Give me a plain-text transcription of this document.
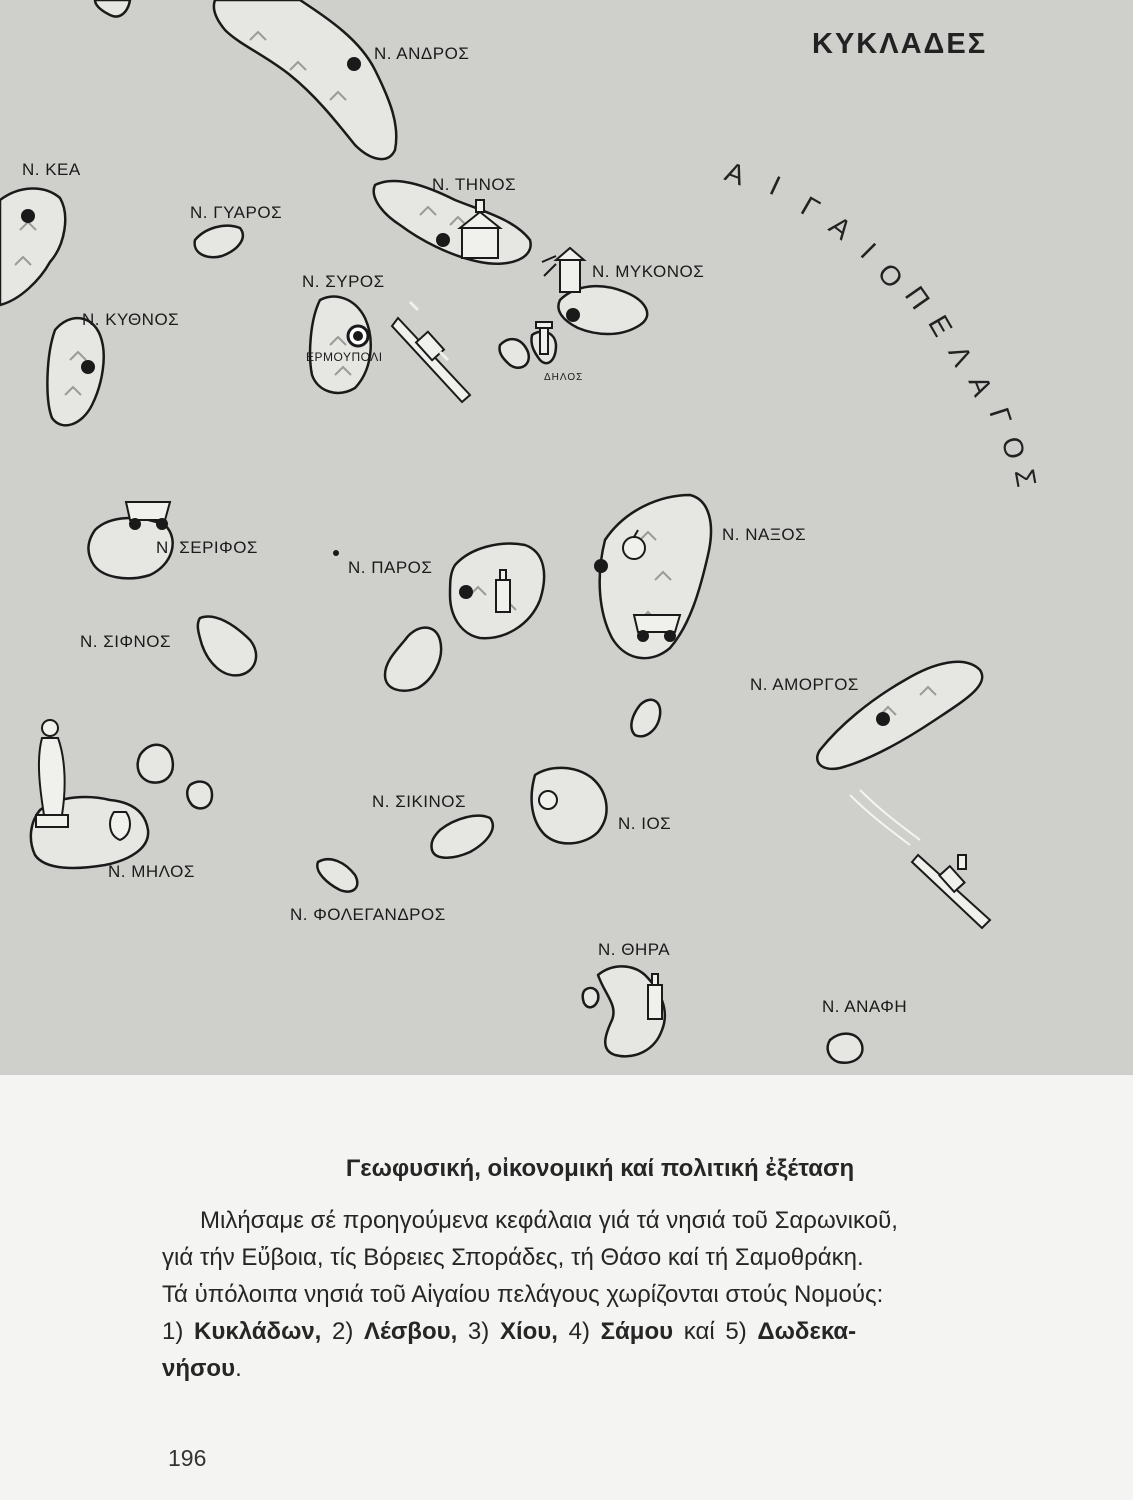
ΚΥΚΛΑΔΕΣ
Α Ι
Γ
Α
Ι
Ο
Π
Ε
Λ
Α
Γ
Ο
Σ
Ν. ΑΝΔΡΟΣ
Ν. ΚΕΑ
Ν. ΤΗΝΟΣ
Ν. ΓΥΑΡΟΣ
Ν. ΣΥΡΟΣ
Ν. ΜΥΚΟΝΟΣ
Ν. ΚΥΘΝΟΣ
ΕΡΜΟΥΠΟΛΙ
ΔΗΛΟΣ
Ν. ΣΕΡΙΦΟΣ
Ν. ΠΑΡΟΣ
Ν. ΝΑΞΟΣ
Ν. ΣΙΦΝΟΣ
Ν. ΑΜΟΡΓΟΣ
Ν. ΣΙΚΙΝΟΣ
Ν. ΙΟΣ
Ν. ΜΗΛΟΣ
Ν. ΦΟΛΕΓΑΝΔΡΟΣ
Ν. ΘΗΡΑ
Ν. ΑΝΑΦΗ
Γεωφυσική, οἰκονομική καί πολιτική ἐξέταση
Μιλήσαμε σέ προηγούμενα κεφάλαια γιά τά νησιά τοῦ Σαρωνικοῦ,
γιά τήν Εὔβοια, τίς Βόρειες Σποράδες, τή Θάσο καί τή Σαμοθράκη.
Τά ὑπόλοιπα νησιά τοῦ Αἰγαίου πελάγους χωρίζονται στούς Νομούς:
1) Κυκλάδων, 2) Λέσβου, 3) Χίου, 4) Σάμου καί 5) Δωδεκα-
νήσου.
196
